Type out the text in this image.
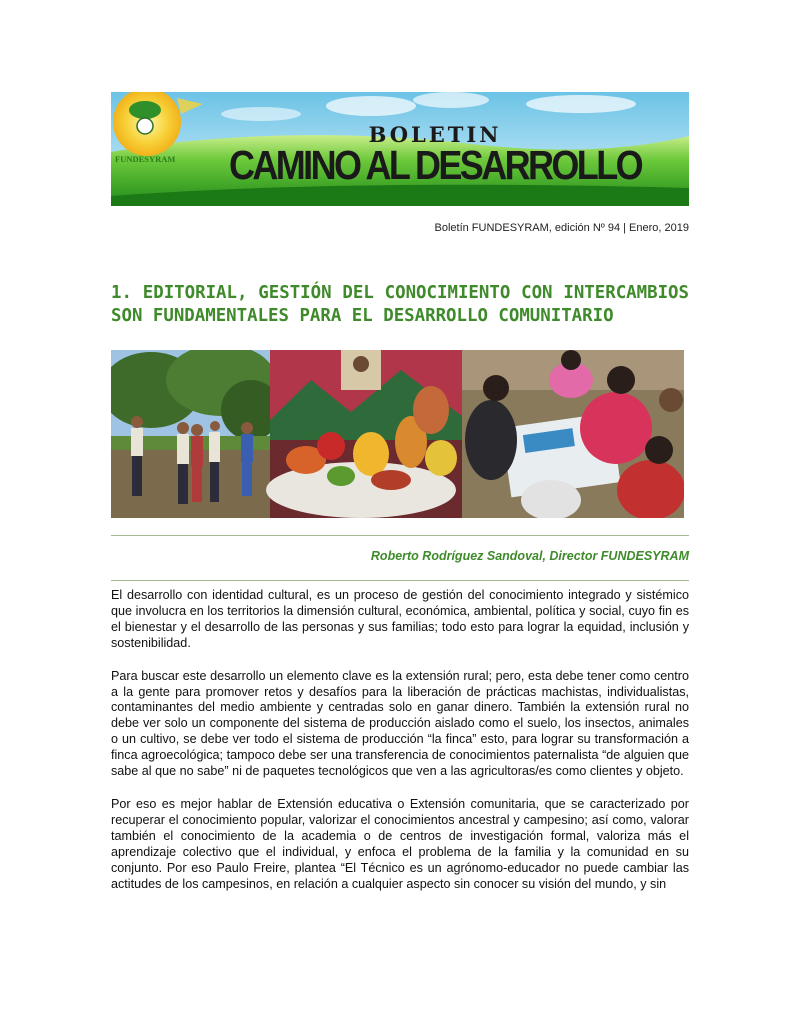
FUNDESYRAM
BOLETIN
CAMINO AL DESARROLLO
Boletín FUNDESYRAM, edición Nº 94 | Enero, 2019
1. EDITORIAL, GESTIÓN DEL CONOCIMIENTO CON INTERCAMBIOS SON FUNDAMENTALES PARA EL DESARROLLO COMUNITARIO
Roberto Rodríguez Sandoval, Director FUNDESYRAM

El desarrollo con identidad cultural, es un proceso de gestión del conocimiento integrado y sistémico que involucra en los territorios la dimensión cultural, económica, ambiental, política y social, cuyo fin es el bienestar y el desarrollo de las personas y sus familias; todo esto para lograr la equidad, inclusión y sostenibilidad.

Para buscar este desarrollo un elemento clave es la extensión rural; pero, esta debe tener como centro a la gente para promover retos y desafíos para la liberación de prácticas machistas, individualistas, contaminantes del medio ambiente y centradas solo en ganar dinero. También la extensión rural no debe ver solo un componente del sistema de producción aislado como el suelo, los insectos, animales o un cultivo, se debe ver todo el sistema de producción “la finca” esto, para lograr su transformación a finca agroecológica; tampoco debe ser una transferencia de conocimientos paternalista “de alguien que sabe al que no sabe” ni de paquetes tecnológicos que ven a las agricultoras/es como clientes y objeto.

Por eso es mejor hablar de Extensión educativa o Extensión comunitaria, que se caracterizado por recuperar el conocimiento popular, valorizar el conocimientos ancestral y campesino; así como, valorar también el conocimiento de la academia o de centros de investigación formal, valoriza más el aprendizaje colectivo que el individual, y enfoca el problema de la familia y la comunidad en su conjunto. Por eso Paulo Freire, plantea “El Técnico es un agrónomo-educador no puede cambiar las actitudes de los campesinos, en relación a cualquier aspecto sin conocer su visión del mundo, y sin
